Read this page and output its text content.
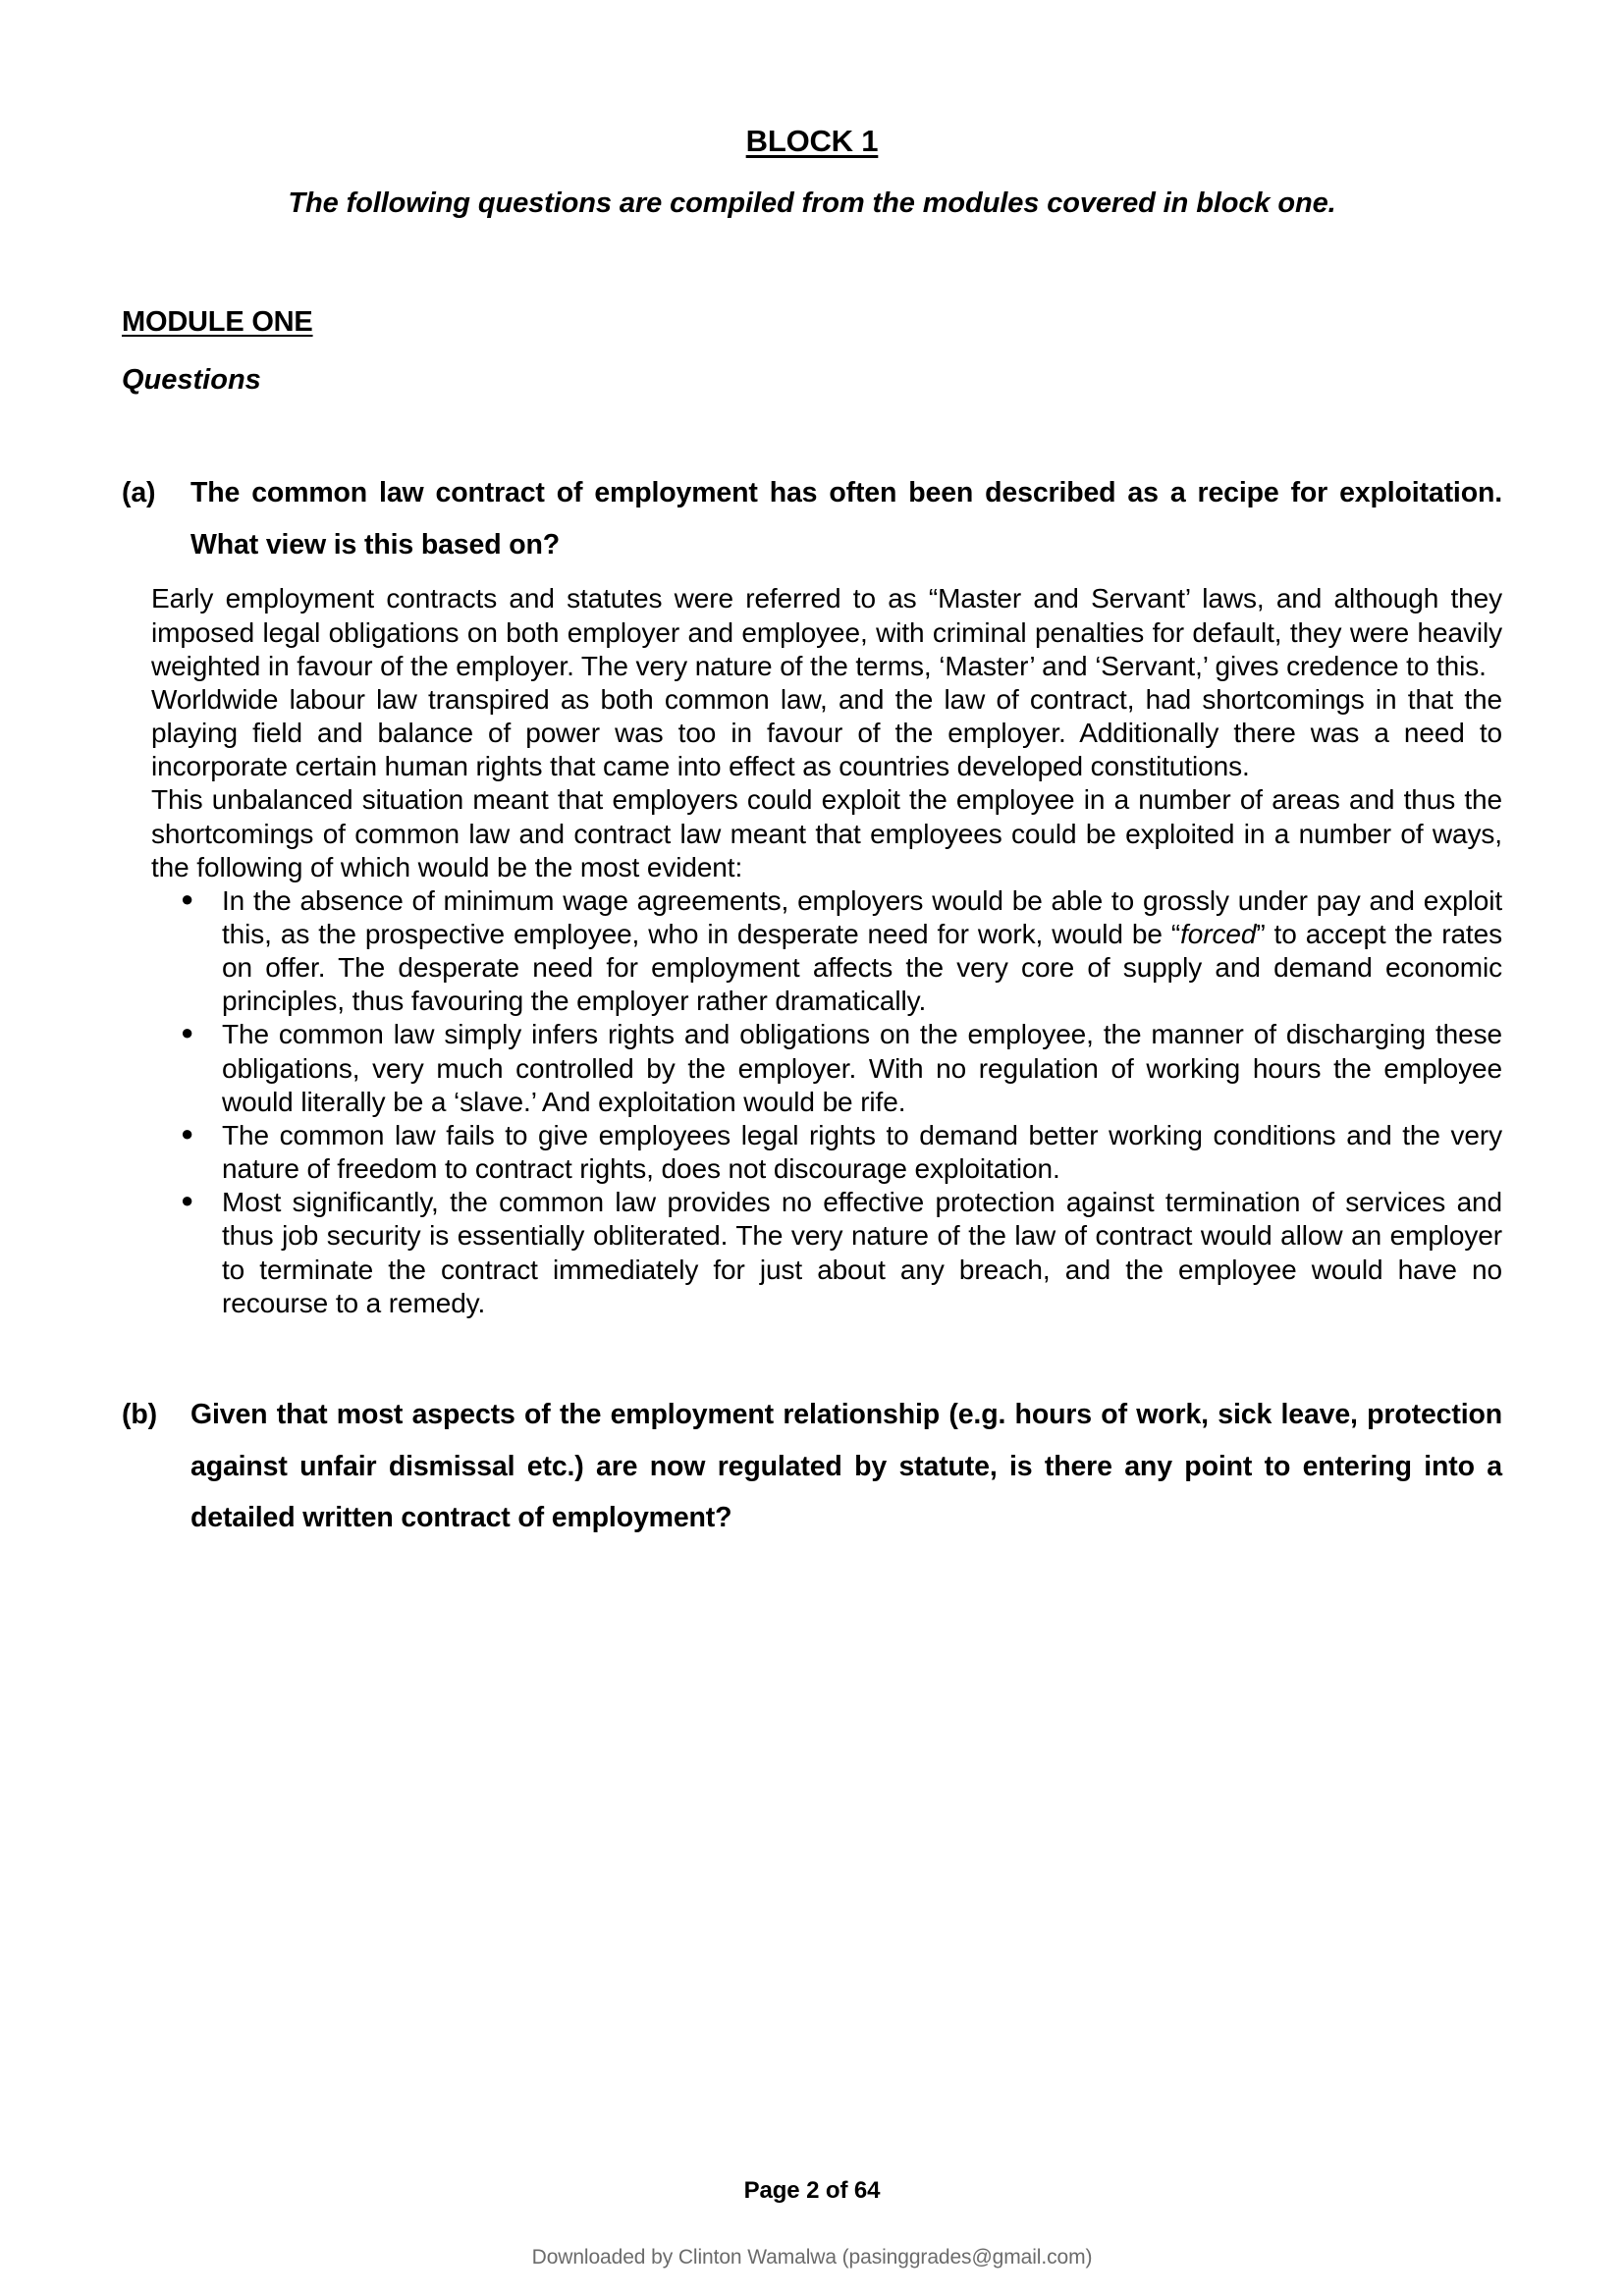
BLOCK 1
The following questions are compiled from the modules covered in block one.
MODULE ONE
Questions
(a)	The common law contract of employment has often been described as a recipe for exploitation. What view is this based on?

Early employment contracts and statutes were referred to as “Master and Servant’ laws, and although they imposed legal obligations on both employer and employee, with criminal penalties for default, they were heavily weighted in favour of the employer. The very nature of the terms, ‘Master’ and ‘Servant,’ gives credence to this.

Worldwide labour law transpired as both common law, and the law of contract, had shortcomings in that the playing field and balance of power was too in favour of the employer. Additionally there was a need to incorporate certain human rights that came into effect as countries developed constitutions.

This unbalanced situation meant that employers could exploit the employee in a number of areas and thus the shortcomings of common law and contract law meant that employees could be exploited in a number of ways, the following of which would be the most evident:

● In the absence of minimum wage agreements, employers would be able to grossly under pay and exploit this, as the prospective employee, who in desperate need for work, would be “forced” to accept the rates on offer. The desperate need for employment affects the very core of supply and demand economic principles, thus favouring the employer rather dramatically.
● The common law simply infers rights and obligations on the employee, the manner of discharging these obligations, very much controlled by the employer. With no regulation of working hours the employee would literally be a ‘slave.’ And exploitation would be rife.
● The common law fails to give employees legal rights to demand better working conditions and the very nature of freedom to contract rights, does not discourage exploitation.
● Most significantly, the common law provides no effective protection against termination of services and thus job security is essentially obliterated. The very nature of the law of contract would allow an employer to terminate the contract immediately for just about any breach, and the employee would have no recourse to a remedy.
(b)	Given that most aspects of the employment relationship (e.g. hours of work, sick leave, protection against unfair dismissal etc.) are now regulated by statute, is there any point to entering into a detailed written contract of employment?
Page 2 of 64
Downloaded by Clinton Wamalwa (pasinggrades@gmail.com)
